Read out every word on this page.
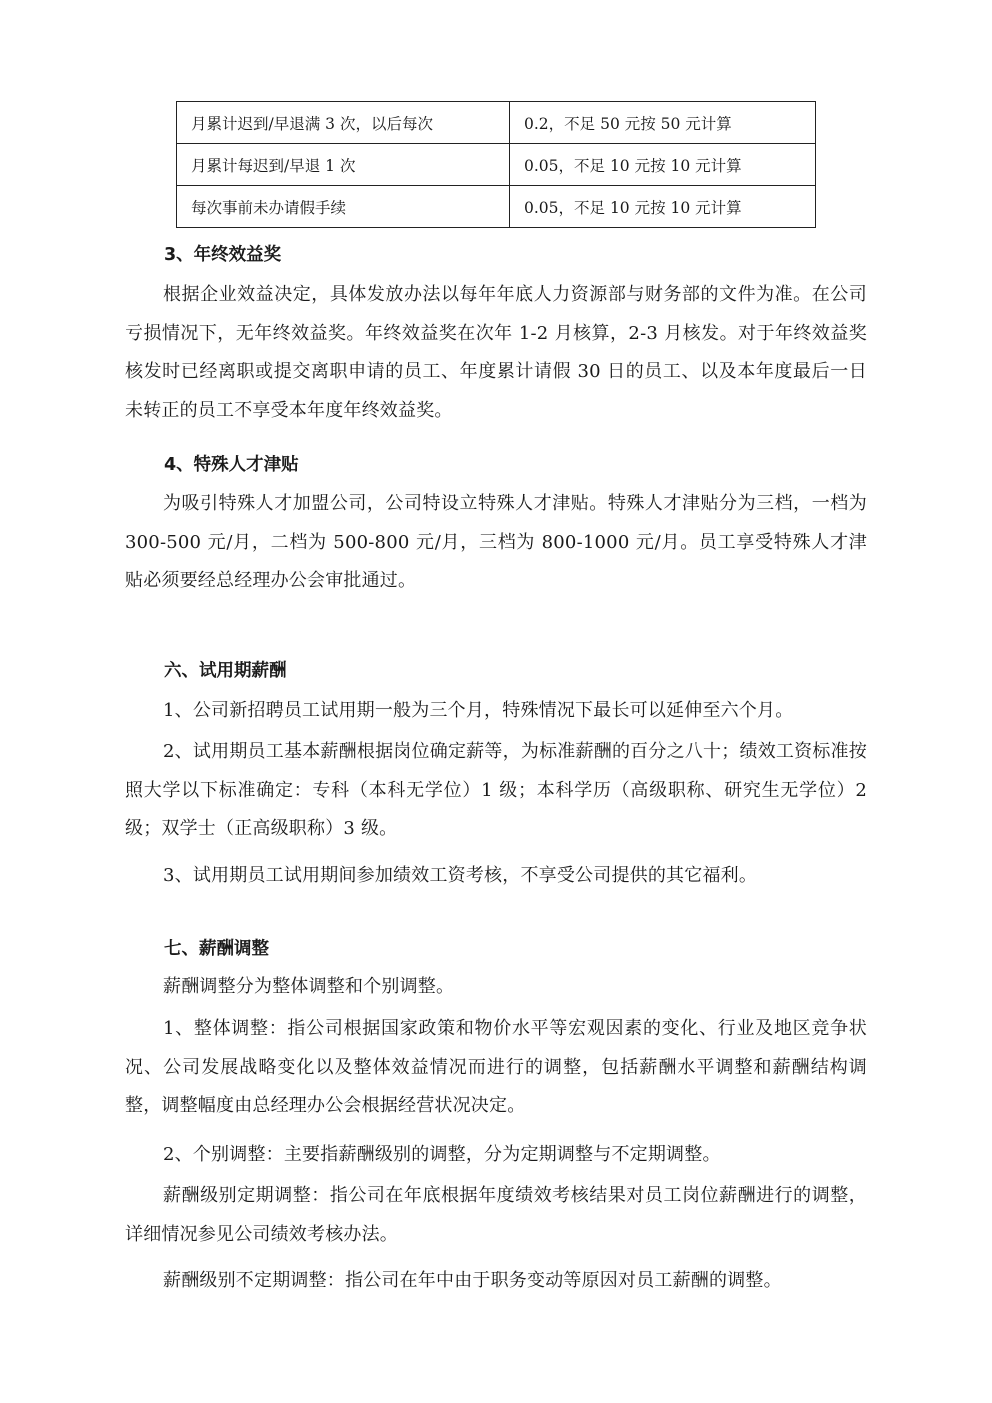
月累计迟到/早退满 3 次，以后每次	0.2，不足 50 元按 50 元计算
月累计每迟到/早退 1 次	0.05，不足 10 元按 10 元计算
每次事前未办请假手续	0.05，不足 10 元按 10 元计算
3、年终效益奖
根据企业效益决定，具体发放办法以每年年底人力资源部与财务部的文件为准。在公司亏损情况下，无年终效益奖。年终效益奖在次年 1-2 月核算，2-3 月核发。对于年终效益奖核发时已经离职或提交离职申请的员工、年度累计请假 30 日的员工、以及本年度最后一日未转正的员工不享受本年度年终效益奖。
4、特殊人才津贴
为吸引特殊人才加盟公司，公司特设立特殊人才津贴。特殊人才津贴分为三档，一档为 300-500 元/月，二档为 500-800 元/月，三档为 800-1000 元/月。员工享受特殊人才津贴必须要经总经理办公会审批通过。
六、试用期薪酬
1、公司新招聘员工试用期一般为三个月，特殊情况下最长可以延伸至六个月。
2、试用期员工基本薪酬根据岗位确定薪等，为标准薪酬的百分之八十；绩效工资标准按照大学以下标准确定：专科（本科无学位）1 级；本科学历（高级职称、研究生无学位）2 级；双学士（正高级职称）3 级。
3、试用期员工试用期间参加绩效工资考核，不享受公司提供的其它福利。
七、薪酬调整
薪酬调整分为整体调整和个别调整。
1、整体调整：指公司根据国家政策和物价水平等宏观因素的变化、行业及地区竞争状况、公司发展战略变化以及整体效益情况而进行的调整，包括薪酬水平调整和薪酬结构调整，调整幅度由总经理办公会根据经营状况决定。
2、个别调整：主要指薪酬级别的调整，分为定期调整与不定期调整。
薪酬级别定期调整：指公司在年底根据年度绩效考核结果对员工岗位薪酬进行的调整，详细情况参见公司绩效考核办法。
薪酬级别不定期调整：指公司在年中由于职务变动等原因对员工薪酬的调整。
